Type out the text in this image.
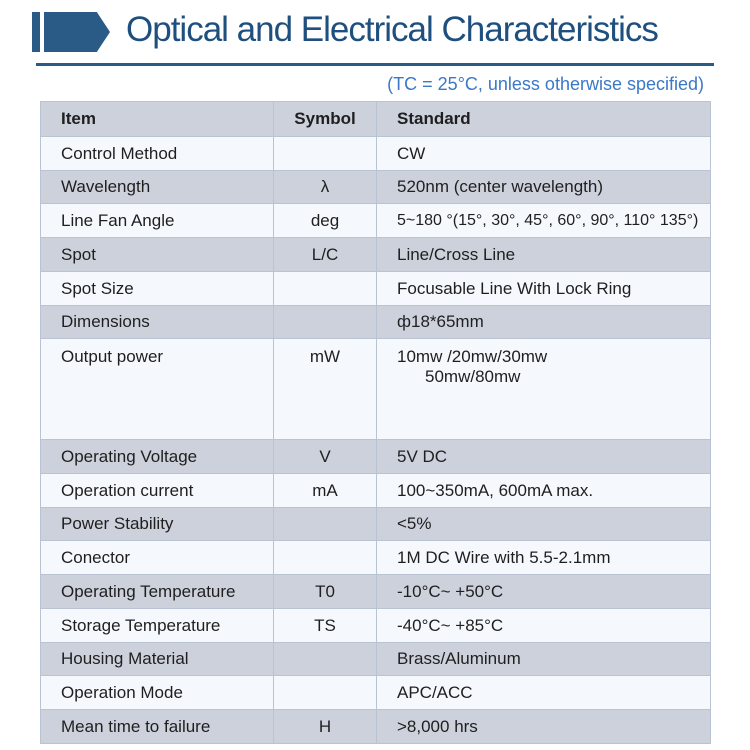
Optical and Electrical Characteristics
(TC = 25°C, unless otherwise specified)
Item	Symbol	Standard
Control Method		CW
Wavelength	λ	520nm (center wavelength)
Line Fan Angle	deg	5~180 °(15°, 30°, 45°, 60°, 90°, 110° 135°)
Spot	L/C	Line/Cross Line
Spot Size		Focusable Line With Lock Ring
Dimensions		ф18*65mm
Output power	mW	10mw /20mw/30mw
50mw/80mw

Operating Voltage	V	5V DC
Operation current	mA	100~350mA, 600mA max.
Power Stability		<5%
Conector		1M DC Wire with 5.5-2.1mm
Operating Temperature	T0	-10°C~ +50°C
Storage Temperature	TS	-40°C~ +85°C
Housing Material		Brass/Aluminum
Operation Mode		APC/ACC
Mean time to failure	H	>8,000 hrs
